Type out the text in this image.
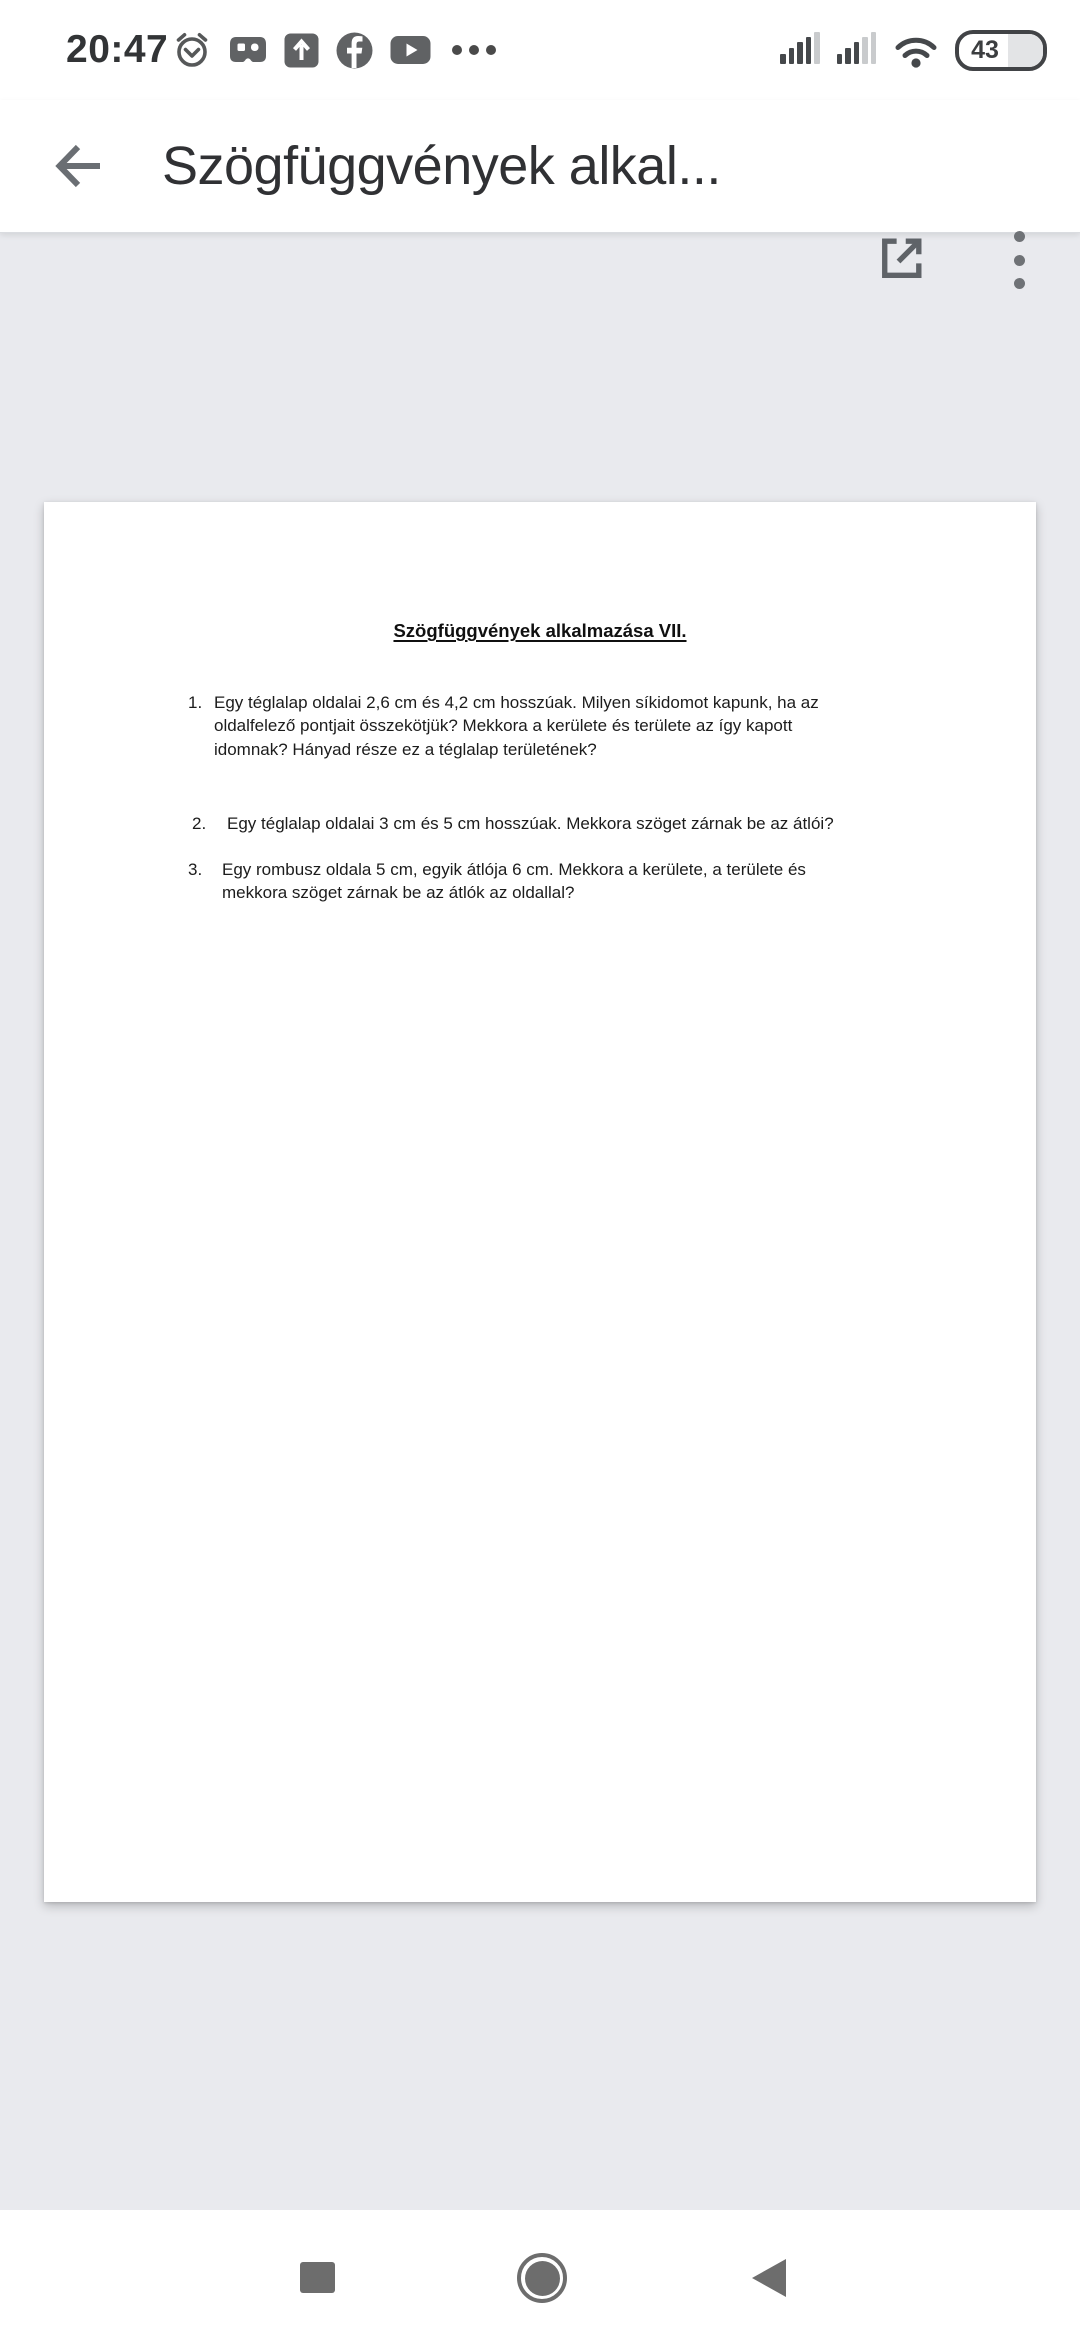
20:47	43
Szögfüggvények alkal...
Szögfüggvények alkalmazása VII.
1. Egy téglalap oldalai 2,6 cm és 4,2 cm hosszúak. Milyen síkidomot kapunk, ha az
oldalfelező pontjait összekötjük? Mekkora a kerülete és területe az így kapott
idomnak? Hányad része ez a téglalap területének?
2. Egy téglalap oldalai 3 cm és 5 cm hosszúak. Mekkora szöget zárnak be az átlói?
3. Egy rombusz oldala 5 cm, egyik átlója 6 cm. Mekkora a kerülete, a területe és
mekkora szöget zárnak be az átlók az oldallal?
